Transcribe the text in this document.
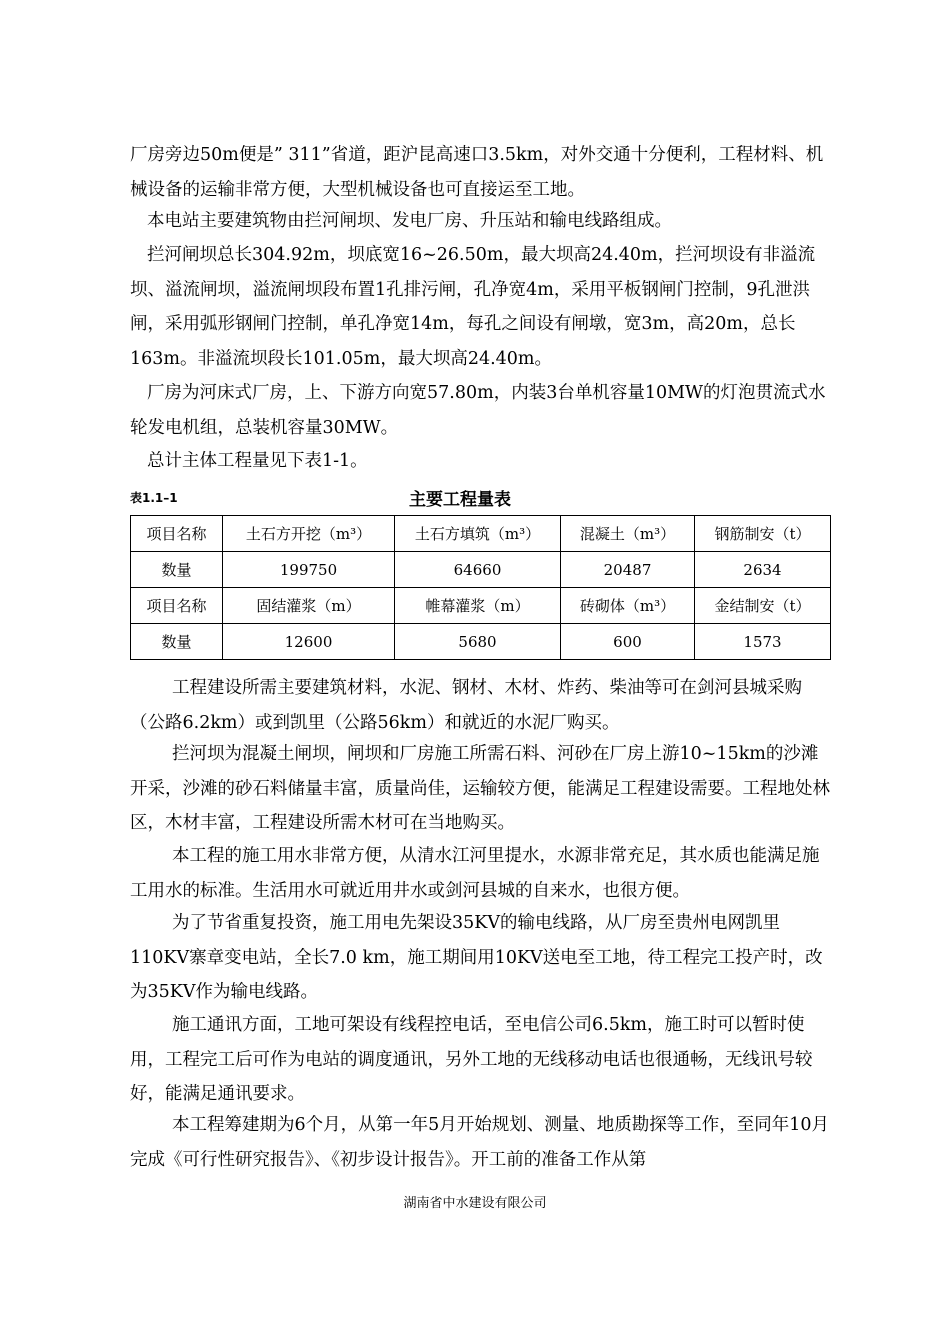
厂房旁边50m便是” 311”省道，距沪昆高速口3.5km，对外交通十分便利，工程材料、机械设备的运输非常方便，大型机械设备也可直接运至工地。

本电站主要建筑物由拦河闸坝、发电厂房、升压站和输电线路组成。

拦河闸坝总长304.92m，坝底宽16~26.50m，最大坝高24.40m，拦河坝设有非溢流坝、溢流闸坝，溢流闸坝段布置1孔排污闸，孔净宽4m，采用平板钢闸门控制，9孔泄洪闸，采用弧形钢闸门控制，单孔净宽14m，每孔之间设有闸墩，宽3m，高20m，总长163m。非溢流坝段长101.05m，最大坝高24.40m。

厂房为河床式厂房，上、下游方向宽57.80m，内装3台单机容量10MW的灯泡贯流式水轮发电机组，总装机容量30MW。

总计主体工程量见下表1-1。

表1.1–1	主要工程量表
项目名称	土石方开挖（m³）	土石方填筑（m³）	混凝土（m³）	钢筋制安（t）
数量	199750	64660	20487	2634
项目名称	固结灌浆（m）	帷幕灌浆（m）	砖砌体（m³）	金结制安（t）
数量	12600	5680	600	1573

工程建设所需主要建筑材料，水泥、钢材、木材、炸药、柴油等可在剑河县城采购（公路6.2km）或到凯里（公路56km）和就近的水泥厂购买。

拦河坝为混凝土闸坝，闸坝和厂房施工所需石料、河砂在厂房上游10~15km的沙滩开采，沙滩的砂石料储量丰富，质量尚佳，运输较方便，能满足工程建设需要。工程地处林区，木材丰富，工程建设所需木材可在当地购买。

本工程的施工用水非常方便，从清水江河里提水，水源非常充足，其水质也能满足施工用水的标准。生活用水可就近用井水或剑河县城的自来水，也很方便。

为了节省重复投资，施工用电先架设35KV的输电线路，从厂房至贵州电网凯里110KV寨章变电站，全长7.0 km，施工期间用10KV送电至工地，待工程完工投产时，改为35KV作为输电线路。

施工通讯方面，工地可架设有线程控电话，至电信公司6.5km，施工时可以暂时使用，工程完工后可作为电站的调度通讯，另外工地的无线移动电话也很通畅，无线讯号较好，能满足通讯要求。

本工程筹建期为6个月，从第一年5月开始规划、测量、地质勘探等工作，至同年10月完成《可行性研究报告》、《初步设计报告》。开工前的准备工作从第

湖南省中水建设有限公司
